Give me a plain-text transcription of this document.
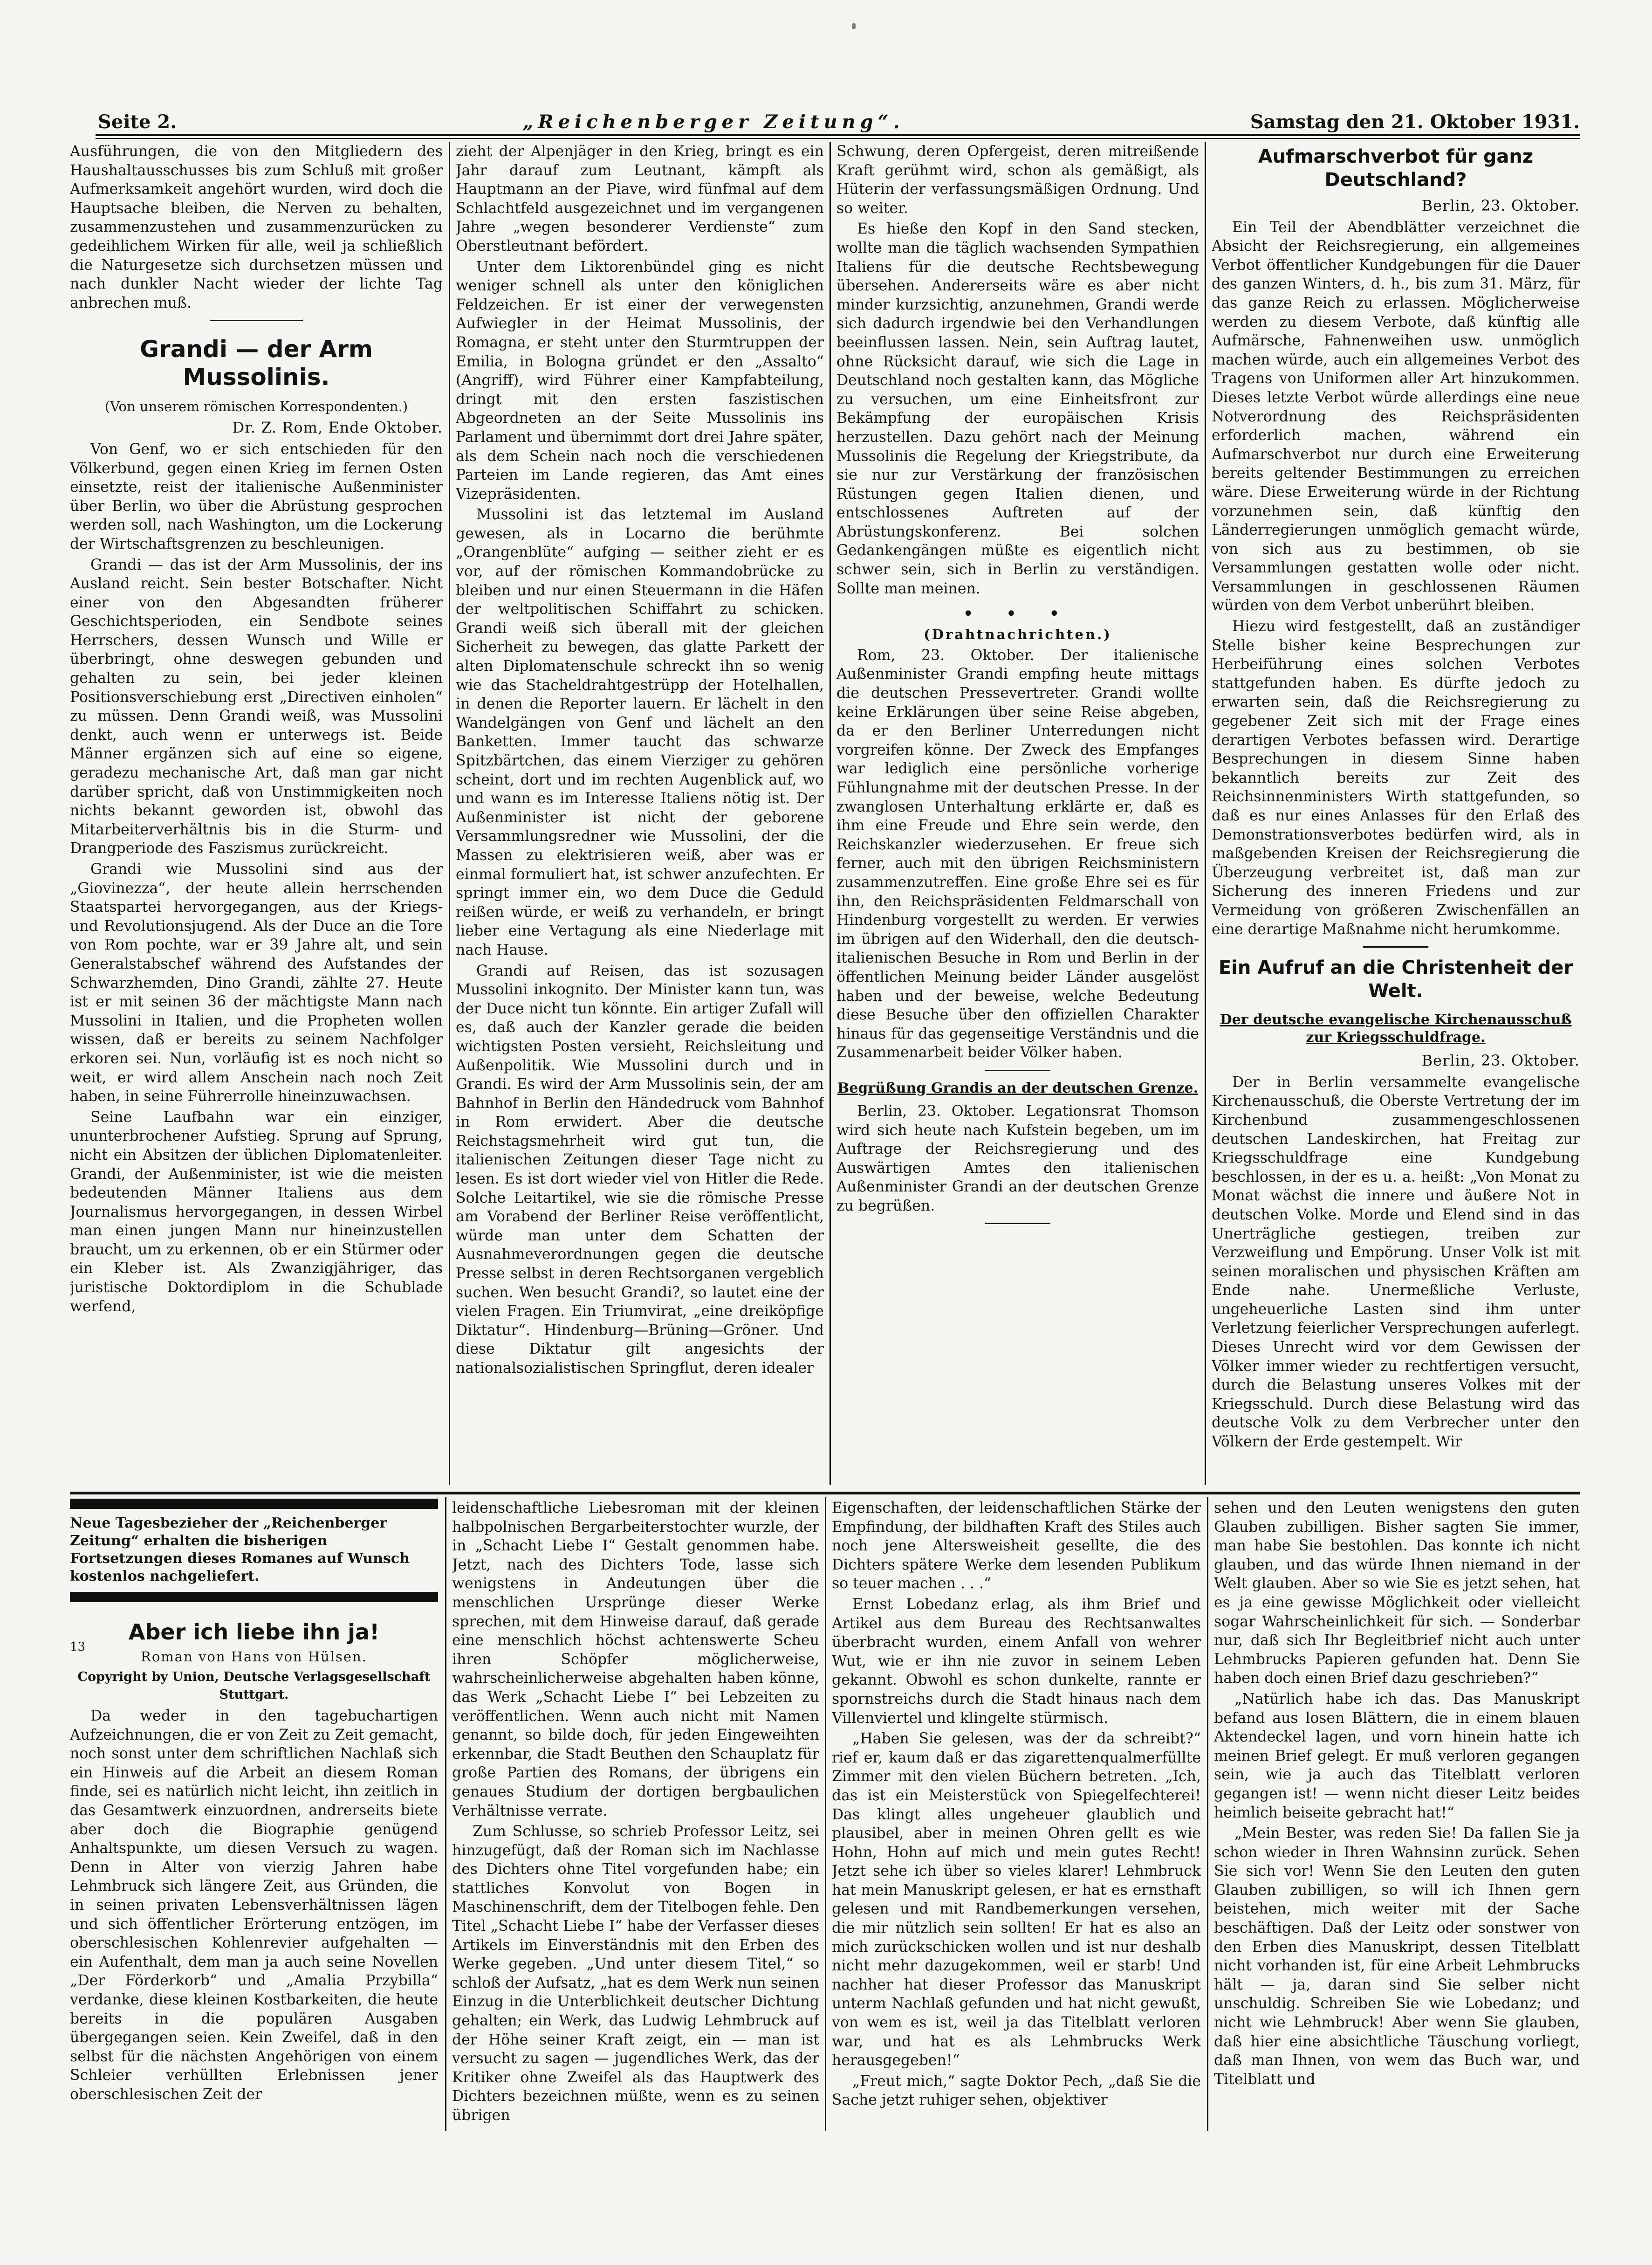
Seite 2.	„Reichenberger Zeitung“.	Samstag den 21. Oktober 1931.

Ausführungen, die von den Mitgliedern des Haushaltausschusses bis zum Schluß mit großer Aufmerksamkeit angehört wurden, wird doch die Hauptsache bleiben, die Nerven zu behalten, zusammenzustehen und zusammenzurücken zu gedeihlichem Wirken für alle, weil ja schließlich die Naturgesetze sich durchsetzen müssen und nach dunkler Nacht wieder der lichte Tag anbrechen muß.

Grandi — der Arm Mussolinis.
(Von unserem römischen Korrespondenten.)
Dr. Z. Rom, Ende Oktober.

Von Genf, wo er sich entschieden für den Völkerbund, gegen einen Krieg im fernen Osten einsetzte, reist der italienische Außenminister über Berlin, wo über die Abrüstung gesprochen werden soll, nach Washington, um die Lockerung der Wirtschaftsgrenzen zu beschleunigen.

Grandi — das ist der Arm Mussolinis, der ins Ausland reicht. Sein bester Botschafter. Nicht einer von den Abgesandten früherer Geschichtsperioden, ein Sendbote seines Herrschers, dessen Wunsch und Wille er überbringt, ohne deswegen gebunden und gehalten zu sein, bei jeder kleinen Positionsverschiebung erst „Directiven einholen“ zu müssen. Denn Grandi weiß, was Mussolini denkt, auch wenn er unterwegs ist. Beide Männer ergänzen sich auf eine so eigene, geradezu mechanische Art, daß man gar nicht darüber spricht, daß von Unstimmigkeiten noch nichts bekannt geworden ist, obwohl das Mitarbeiterverhältnis bis in die Sturm- und Drangperiode des Faszismus zurückreicht.

Grandi wie Mussolini sind aus der „Giovinezza“, der heute allein herrschenden Staatspartei hervorgegangen, aus der Kriegs- und Revolutionsjugend. Als der Duce an die Tore von Rom pochte, war er 39 Jahre alt, und sein Generalstabschef während des Aufstandes der Schwarzhemden, Dino Grandi, zählte 27. Heute ist er mit seinen 36 der mächtigste Mann nach Mussolini in Italien, und die Propheten wollen wissen, daß er bereits zu seinem Nachfolger erkoren sei. Nun, vorläufig ist es noch nicht so weit, er wird allem Anschein nach noch Zeit haben, in seine Führerrolle hineinzuwachsen.

Seine Laufbahn war ein einziger, ununterbrochener Aufstieg. Sprung auf Sprung, nicht ein Absitzen der üblichen Diplomatenleiter. Grandi, der Außenminister, ist wie die meisten bedeutenden Männer Italiens aus dem Journalismus hervorgegangen, in dessen Wirbel man einen jungen Mann nur hineinzustellen braucht, um zu erkennen, ob er ein Stürmer oder ein Kleber ist. Als Zwanzigjähriger, das juristische Doktordiplom in die Schublade werfend,

zieht der Alpenjäger in den Krieg, bringt es ein Jahr darauf zum Leutnant, kämpft als Hauptmann an der Piave, wird fünfmal auf dem Schlachtfeld ausgezeichnet und im vergangenen Jahre „wegen besonderer Verdienste“ zum Oberstleutnant befördert.

Unter dem Liktorenbündel ging es nicht weniger schnell als unter den königlichen Feldzeichen. Er ist einer der verwegensten Aufwiegler in der Heimat Mussolinis, der Romagna, er steht unter den Sturmtruppen der Emilia, in Bologna gründet er den „Assalto“ (Angriff), wird Führer einer Kampfabteilung, dringt mit den ersten faszistischen Abgeordneten an der Seite Mussolinis ins Parlament und übernimmt dort drei Jahre später, als dem Schein nach noch die verschiedenen Parteien im Lande regieren, das Amt eines Vizepräsidenten.

Mussolini ist das letztemal im Ausland gewesen, als in Locarno die berühmte „Orangenblüte“ aufging — seither zieht er es vor, auf der römischen Kommandobrücke zu bleiben und nur einen Steuermann in die Häfen der weltpolitischen Schiffahrt zu schicken. Grandi weiß sich überall mit der gleichen Sicherheit zu bewegen, das glatte Parkett der alten Diplomatenschule schreckt ihn so wenig wie das Stacheldrahtgestrüpp der Hotelhallen, in denen die Reporter lauern. Er lächelt in den Wandelgängen von Genf und lächelt an den Banketten. Immer taucht das schwarze Spitzbärtchen, das einem Vierziger zu gehören scheint, dort und im rechten Augenblick auf, wo und wann es im Interesse Italiens nötig ist. Der Außenminister ist nicht der geborene Versammlungsredner wie Mussolini, der die Massen zu elektrisieren weiß, aber was er einmal formuliert hat, ist schwer anzufechten. Er springt immer ein, wo dem Duce die Geduld reißen würde, er weiß zu verhandeln, er bringt lieber eine Vertagung als eine Niederlage mit nach Hause.

Grandi auf Reisen, das ist sozusagen Mussolini inkognito. Der Minister kann tun, was der Duce nicht tun könnte. Ein artiger Zufall will es, daß auch der Kanzler gerade die beiden wichtigsten Posten versieht, Reichsleitung und Außenpolitik. Wie Mussolini durch und in Grandi. Es wird der Arm Mussolinis sein, der am Bahnhof in Berlin den Händedruck vom Bahnhof in Rom erwidert. Aber die deutsche Reichstagsmehrheit wird gut tun, die italienischen Zeitungen dieser Tage nicht zu lesen. Es ist dort wieder viel von Hitler die Rede. Solche Leitartikel, wie sie die römische Presse am Vorabend der Berliner Reise veröffentlicht, würde man unter dem Schatten der Ausnahmeverordnungen gegen die deutsche Presse selbst in deren Rechtsorganen vergeblich suchen. Wen besucht Grandi?, so lautet eine der vielen Fragen. Ein Triumvirat, „eine dreiköpfige Diktatur“. Hindenburg—Brüning—Gröner. Und diese Diktatur gilt angesichts der nationalsozialistischen Springflut, deren idealer

Schwung, deren Opfergeist, deren mitreißende Kraft gerühmt wird, schon als gemäßigt, als Hüterin der verfassungsmäßigen Ordnung. Und so weiter.

Es hieße den Kopf in den Sand stecken, wollte man die täglich wachsenden Sympathien Italiens für die deutsche Rechtsbewegung übersehen. Andererseits wäre es aber nicht minder kurzsichtig, anzunehmen, Grandi werde sich dadurch irgendwie bei den Verhandlungen beeinflussen lassen. Nein, sein Auftrag lautet, ohne Rücksicht darauf, wie sich die Lage in Deutschland noch gestalten kann, das Mögliche zu versuchen, um eine Einheitsfront zur Bekämpfung der europäischen Krisis herzustellen. Dazu gehört nach der Meinung Mussolinis die Regelung der Kriegstribute, da sie nur zur Verstärkung der französischen Rüstungen gegen Italien dienen, und entschlossenes Auftreten auf der Abrüstungskonferenz. Bei solchen Gedankengängen müßte es eigentlich nicht schwer sein, sich in Berlin zu verständigen. Sollte man meinen.

• • •
(Drahtnachrichten.)

Rom, 23. Oktober. Der italienische Außenminister Grandi empfing heute mittags die deutschen Pressevertreter. Grandi wollte keine Erklärungen über seine Reise abgeben, da er den Berliner Unterredungen nicht vorgreifen könne. Der Zweck des Empfanges war lediglich eine persönliche vorherige Fühlungnahme mit der deutschen Presse. In der zwanglosen Unterhaltung erklärte er, daß es ihm eine Freude und Ehre sein werde, den Reichskanzler wiederzusehen. Er freue sich ferner, auch mit den übrigen Reichsministern zusammenzutreffen. Eine große Ehre sei es für ihn, den Reichspräsidenten Feldmarschall von Hindenburg vorgestellt zu werden. Er verwies im übrigen auf den Widerhall, den die deutsch-italienischen Besuche in Rom und Berlin in der öffentlichen Meinung beider Länder ausgelöst haben und der beweise, welche Bedeutung diese Besuche über den offiziellen Charakter hinaus für das gegenseitige Verständnis und die Zusammenarbeit beider Völker haben.

Begrüßung Grandis an der deutschen Grenze.

Berlin, 23. Oktober. Legationsrat Thomson wird sich heute nach Kufstein begeben, um im Auftrage der Reichsregierung und des Auswärtigen Amtes den italienischen Außenminister Grandi an der deutschen Grenze zu begrüßen.

Aufmarschverbot für ganz Deutschland?
Berlin, 23. Oktober.

Ein Teil der Abendblätter verzeichnet die Absicht der Reichsregierung, ein allgemeines Verbot öffentlicher Kundgebungen für die Dauer des ganzen Winters, d. h., bis zum 31. März, für das ganze Reich zu erlassen. Möglicherweise werden zu diesem Verbote, daß künftig alle Aufmärsche, Fahnenweihen usw. unmöglich machen würde, auch ein allgemeines Verbot des Tragens von Uniformen aller Art hinzukommen. Dieses letzte Verbot würde allerdings eine neue Notverordnung des Reichspräsidenten erforderlich machen, während ein Aufmarschverbot nur durch eine Erweiterung bereits geltender Bestimmungen zu erreichen wäre. Diese Erweiterung würde in der Richtung vorzunehmen sein, daß künftig den Länderregierungen unmöglich gemacht würde, von sich aus zu bestimmen, ob sie Versammlungen gestatten wolle oder nicht. Versammlungen in geschlossenen Räumen würden von dem Verbot unberührt bleiben.

Hiezu wird festgestellt, daß an zuständiger Stelle bisher keine Besprechungen zur Herbeiführung eines solchen Verbotes stattgefunden haben. Es dürfte jedoch zu erwarten sein, daß die Reichsregierung zu gegebener Zeit sich mit der Frage eines derartigen Verbotes befassen wird. Derartige Besprechungen in diesem Sinne haben bekanntlich bereits zur Zeit des Reichsinnenministers Wirth stattgefunden, so daß es nur eines Anlasses für den Erlaß des Demonstrationsverbotes bedürfen wird, als in maßgebenden Kreisen der Reichsregierung die Überzeugung verbreitet ist, daß man zur Sicherung des inneren Friedens und zur Vermeidung von größeren Zwischenfällen an eine derartige Maßnahme nicht herumkomme.

Ein Aufruf an die Christenheit der Welt.
Der deutsche evangelische Kirchenausschuß zur Kriegsschuldfrage.
Berlin, 23. Oktober.

Der in Berlin versammelte evangelische Kirchenausschuß, die Oberste Vertretung der im Kirchenbund zusammengeschlossenen deutschen Landeskirchen, hat Freitag zur Kriegsschuldfrage eine Kundgebung beschlossen, in der es u. a. heißt: „Von Monat zu Monat wächst die innere und äußere Not in deutschen Volke. Morde und Elend sind in das Unerträgliche gestiegen, treiben zur Verzweiflung und Empörung. Unser Volk ist mit seinen moralischen und physischen Kräften am Ende nahe. Unermeßliche Verluste, ungeheuerliche Lasten sind ihm unter Verletzung feierlicher Versprechungen auferlegt. Dieses Unrecht wird vor dem Gewissen der Völker immer wieder zu rechtfertigen versucht, durch die Belastung unseres Volkes mit der Kriegsschuld. Durch diese Belastung wird das deutsche Volk zu dem Verbrecher unter den Völkern der Erde gestempelt. Wir

Neue Tagesbezieher der „Reichenberger Zeitung“ erhalten die bisherigen Fortsetzungen dieses Romanes auf Wunsch kostenlos nachgeliefert.
13
Aber ich liebe ihn ja!
Roman von Hans von Hülsen.
Copyright by Union, Deutsche Verlagsgesellschaft Stuttgart.

Da weder in den tagebuchartigen Aufzeichnungen, die er von Zeit zu Zeit gemacht, noch sonst unter dem schriftlichen Nachlaß sich ein Hinweis auf die Arbeit an diesem Roman finde, sei es natürlich nicht leicht, ihn zeitlich in das Gesamtwerk einzuordnen, andrerseits biete aber doch die Biographie genügend Anhaltspunkte, um diesen Versuch zu wagen. Denn in Alter von vierzig Jahren habe Lehmbruck sich längere Zeit, aus Gründen, die in seinen privaten Lebensverhältnissen lägen und sich öffentlicher Erörterung entzögen, im oberschlesischen Kohlenrevier aufgehalten — ein Aufenthalt, dem man ja auch seine Novellen „Der Förderkorb“ und „Amalia Przybilla“ verdanke, diese kleinen Kostbarkeiten, die heute bereits in die populären Ausgaben übergegangen seien. Kein Zweifel, daß in den selbst für die nächsten Angehörigen von einem Schleier verhüllten Erlebnissen jener oberschlesischen Zeit der

leidenschaftliche Liebesroman mit der kleinen halbpolnischen Bergarbeiterstochter wurzle, der in „Schacht Liebe I“ Gestalt genommen habe. Jetzt, nach des Dichters Tode, lasse sich wenigstens in Andeutungen über die menschlichen Ursprünge dieser Werke sprechen, mit dem Hinweise darauf, daß gerade eine menschlich höchst achtenswerte Scheu ihren Schöpfer möglicherweise, wahrscheinlicherweise abgehalten haben könne, das Werk „Schacht Liebe I“ bei Lebzeiten zu veröffentlichen. Wenn auch nicht mit Namen genannt, so bilde doch, für jeden Eingeweihten erkennbar, die Stadt Beuthen den Schauplatz für große Partien des Romans, der übrigens ein genaues Studium der dortigen bergbaulichen Verhältnisse verrate.

Zum Schlusse, so schrieb Professor Leitz, sei hinzugefügt, daß der Roman sich im Nachlasse des Dichters ohne Titel vorgefunden habe; ein stattliches Konvolut von Bogen in Maschinenschrift, dem der Titelbogen fehle. Den Titel „Schacht Liebe I“ habe der Verfasser dieses Artikels im Einverständnis mit den Erben des Werke gegeben. „Und unter diesem Titel,“ so schloß der Aufsatz, „hat es dem Werk nun seinen Einzug in die Unterblichkeit deutscher Dichtung gehalten; ein Werk, das Ludwig Lehmbruck auf der Höhe seiner Kraft zeigt, ein — man ist versucht zu sagen — jugendliches Werk, das der Kritiker ohne Zweifel als das Hauptwerk des Dichters bezeichnen müßte, wenn es zu seinen übrigen

Eigenschaften, der leidenschaftlichen Stärke der Empfindung, der bildhaften Kraft des Stiles auch noch jene Altersweisheit gesellte, die des Dichters spätere Werke dem lesenden Publikum so teuer machen . . .“

Ernst Lobedanz erlag, als ihm Brief und Artikel aus dem Bureau des Rechtsanwaltes überbracht wurden, einem Anfall von wehrer Wut, wie er ihn nie zuvor in seinem Leben gekannt. Obwohl es schon dunkelte, rannte er spornstreichs durch die Stadt hinaus nach dem Villenviertel und klingelte stürmisch.

„Haben Sie gelesen, was der da schreibt?“ rief er, kaum daß er das zigarettenqualmerfüllte Zimmer mit den vielen Büchern betreten. „Ich, das ist ein Meisterstück von Spiegelfechterei! Das klingt alles ungeheuer glaublich und plausibel, aber in meinen Ohren gellt es wie Hohn, Hohn auf mich und mein gutes Recht! Jetzt sehe ich über so vieles klarer! Lehmbruck hat mein Manuskript gelesen, er hat es ernsthaft gelesen und mit Randbemerkungen versehen, die mir nützlich sein sollten! Er hat es also an mich zurückschicken wollen und ist nur deshalb nicht mehr dazugekommen, weil er starb! Und nachher hat dieser Professor das Manuskript unterm Nachlaß gefunden und hat nicht gewußt, von wem es ist, weil ja das Titelblatt verloren war, und hat es als Lehmbrucks Werk herausgegeben!“

„Freut mich,“ sagte Doktor Pech, „daß Sie die Sache jetzt ruhiger sehen, objektiver

sehen und den Leuten wenigstens den guten Glauben zubilligen. Bisher sagten Sie immer, man habe Sie bestohlen. Das konnte ich nicht glauben, und das würde Ihnen niemand in der Welt glauben. Aber so wie Sie es jetzt sehen, hat es ja eine gewisse Möglichkeit oder vielleicht sogar Wahrscheinlichkeit für sich. — Sonderbar nur, daß sich Ihr Begleitbrief nicht auch unter Lehmbrucks Papieren gefunden hat. Denn Sie haben doch einen Brief dazu geschrieben?“

„Natürlich habe ich das. Das Manuskript befand aus losen Blättern, die in einem blauen Aktendeckel lagen, und vorn hinein hatte ich meinen Brief gelegt. Er muß verloren gegangen sein, wie ja auch das Titelblatt verloren gegangen ist! — wenn nicht dieser Leitz beides heimlich beiseite gebracht hat!“

„Mein Bester, was reden Sie! Da fallen Sie ja schon wieder in Ihren Wahnsinn zurück. Sehen Sie sich vor! Wenn Sie den Leuten den guten Glauben zubilligen, so will ich Ihnen gern beistehen, mich weiter mit der Sache beschäftigen. Daß der Leitz oder sonstwer von den Erben dies Manuskript, dessen Titelblatt nicht vorhanden ist, für eine Arbeit Lehmbrucks hält — ja, daran sind Sie selber nicht unschuldig. Schreiben Sie wie Lobedanz; und nicht wie Lehmbruck! Aber wenn Sie glauben, daß hier eine absichtliche Täuschung vorliegt, daß man Ihnen, von wem das Buch war, und Titelblatt und
